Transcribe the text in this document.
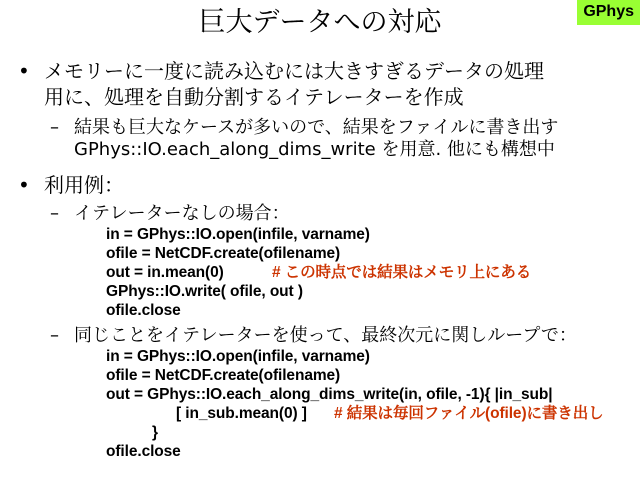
巨大データへの対応	GPhys
• メモリーに一度に読み込むには大きすぎるデータの処理
用に、処理を自動分割するイテレーターを作成
– 結果も巨大なケースが多いので、結果をファイルに書き出す
GPhys::IO.each_along_dims_write を用意. 他にも構想中
• 利用例：
– イテレーターなしの場合：
in = GPhys::IO.open(infile, varname)
ofile = NetCDF.create(ofilename)
out = in.mean(0)	# この時点では結果はメモリ上にある
GPhys::IO.write( ofile, out )
ofile.close
– 同じことをイテレーターを使って、最終次元に関しループで：
in = GPhys::IO.open(infile, varname)
ofile = NetCDF.create(ofilename)
out = GPhys::IO.each_along_dims_write(in, ofile, -1){ |in_sub|
[ in_sub.mean(0) ] # 結果は毎回ファイル(ofile)に書き出し
}
ofile.close
